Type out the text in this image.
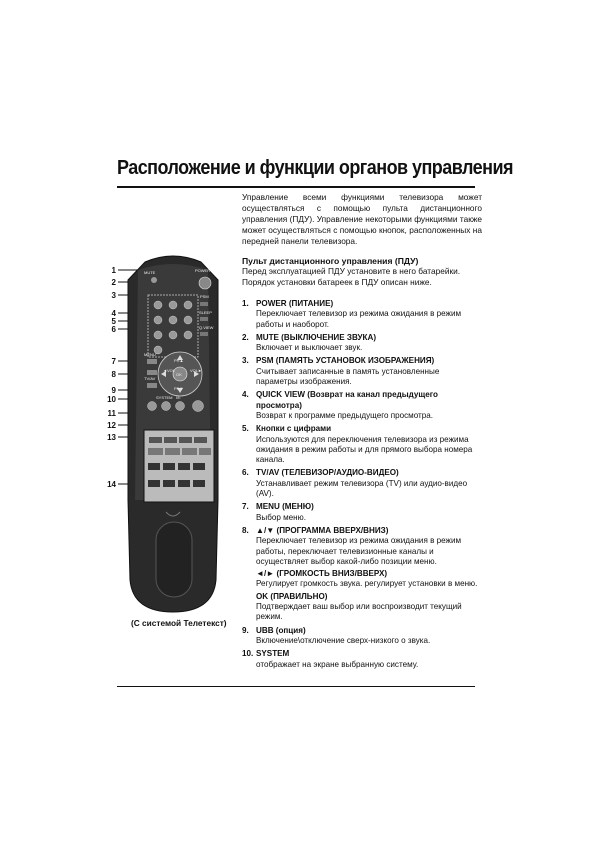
Расположение и функции органов управления
Управление всеми функциями телевизора может осуществляться с помощью пульта дистанционного управления (ПДУ). Управление некоторыми функциями также может осуществляться с помощью кнопок, расположенных на передней панели телевизора.
Пульт дистанционного управления (ПДУ)
Перед эксплуатацией ПДУ установите в него батарейки. Порядок установки батареек в ПДУ описан ниже.
1. POWER (ПИТАНИЕ)
Переключает телевизор из режима ожидания в режим работы и наоборот.
2. MUTE (ВЫКЛЮЧЕНИЕ ЗВУКА)
Включает и выключает звук.
3. PSM (ПАМЯТЬ УСТАНОВОК ИЗОБРАЖЕНИЯ)
Считывает записанные в память установленные параметры изображения.
4. QUICK VIEW (Возврат на канал предыдущего просмотра)
Возврат к программе предыдущего просмотра.
5. Кнопки с цифрами
Используются для переключения телевизора из режима ожидания в режим работы и для прямого выбора номера канала.
6. TV/AV (ТЕЛЕВИЗОР/АУДИО-ВИДЕО)
Устанавливает режим телевизора (TV) или аудио-видео (AV).
7. MENU (МЕНЮ)
Выбор меню.
8. ▲/▼ (ПРОГРАММА ВВЕРХ/ВНИЗ)
Переключает телевизор из режима ожидания в режим работы, переключает телевизионные каналы и осуществляет выбор какой-либо позиции меню.
◄/► (ГРОМКОСТЬ ВНИЗ/ВВЕРХ)
Регулирует громкость звука. регулирует установки в меню.
OK (ПРАВИЛЬНО)
Подтверждает ваш выбор или воспроизводит текущий режим.
9. UBB (опция)
Включение\отключение сверх-низкого о звука.
10. SYSTEM
отображает на экране выбранную систему.
1
2
3
4
5
6
7
8
9
10
11
12
13
14
POWER
MUTE
PSM
SLEEP
Q.VIEW
MENU
TV/AV
PR▲
PR▼
◄VOL	VOL►
OK
I/II
SYSTEM
(С системой Телетекст)
